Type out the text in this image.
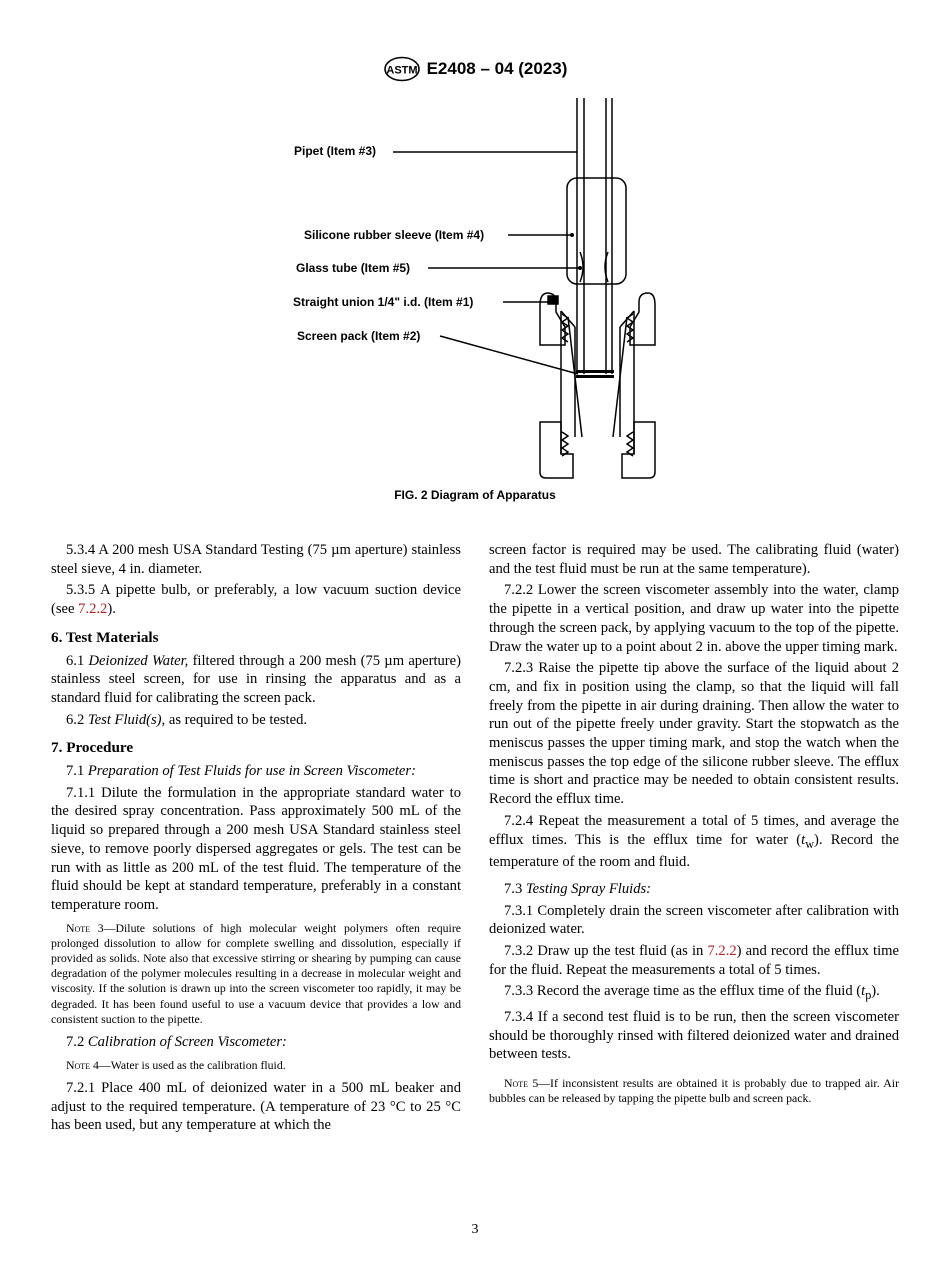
ASTM E2408 – 04 (2023)
Pipet (Item #3)
Silicone rubber sleeve (Item #4)
Glass tube (Item #5)
Straight union 1/4" i.d. (Item #1)
Screen pack (Item #2)
FIG. 2 Diagram of Apparatus

5.3.4 A 200 mesh USA Standard Testing (75 µm aperture) stainless steel sieve, 4 in. diameter.

5.3.5 A pipette bulb, or preferably, a low vacuum suction device (see 7.2.2).

6. Test Materials

6.1 Deionized Water, filtered through a 200 mesh (75 µm aperture) stainless steel screen, for use in rinsing the apparatus and as a standard fluid for calibrating the screen pack.

6.2 Test Fluid(s), as required to be tested.

7. Procedure

7.1 Preparation of Test Fluids for use in Screen Viscometer:

7.1.1 Dilute the formulation in the appropriate standard water to the desired spray concentration. Pass approximately 500 mL of the liquid so prepared through a 200 mesh USA Standard stainless steel sieve, to remove poorly dispersed aggregates or gels. The test can be run with as little as 200 mL of the test fluid. The temperature of the fluid should be kept at standard temperature, preferably in a constant temperature room.

Note 3—Dilute solutions of high molecular weight polymers often require prolonged dissolution to allow for complete swelling and dissolution, especially if provided as solids. Note also that excessive stirring or shearing by pumping can cause degradation of the polymer molecules resulting in a decrease in molecular weight and viscosity. If the solution is drawn up into the screen viscometer too rapidly, it may be degraded. It has been found useful to use a vacuum device that provides a low and consistent suction to the pipette.

7.2 Calibration of Screen Viscometer:

Note 4—Water is used as the calibration fluid.

7.2.1 Place 400 mL of deionized water in a 500 mL beaker and adjust to the required temperature. (A temperature of 23 °C to 25 °C has been used, but any temperature at which the

screen factor is required may be used. The calibrating fluid (water) and the test fluid must be run at the same temperature).

7.2.2 Lower the screen viscometer assembly into the water, clamp the pipette in a vertical position, and draw up water into the pipette through the screen pack, by applying vacuum to the top of the pipette. Draw the water up to a point about 2 in. above the upper timing mark.

7.2.3 Raise the pipette tip above the surface of the liquid about 2 cm, and fix in position using the clamp, so that the liquid will fall freely from the pipette in air during draining. Then allow the water to run out of the pipette freely under gravity. Start the stopwatch as the meniscus passes the upper timing mark, and stop the watch when the meniscus passes the top edge of the silicone rubber sleeve. The efflux time is short and practice may be needed to obtain consistent results. Record the efflux time.

7.2.4 Repeat the measurement a total of 5 times, and average the efflux times. This is the efflux time for water $(t_w)$. Record the temperature of the room and fluid.

7.3 Testing Spray Fluids:

7.3.1 Completely drain the screen viscometer after calibration with deionized water.

7.3.2 Draw up the test fluid (as in 7.2.2) and record the efflux time for the fluid. Repeat the measurements a total of 5 times.

7.3.3 Record the average time as the efflux time of the fluid $(t_p)$.

7.3.4 If a second test fluid is to be run, then the screen viscometer should be thoroughly rinsed with filtered deionized water and drained between tests.

Note 5—If inconsistent results are obtained it is probably due to trapped air. Air bubbles can be released by tapping the pipette bulb and screen pack.

3
